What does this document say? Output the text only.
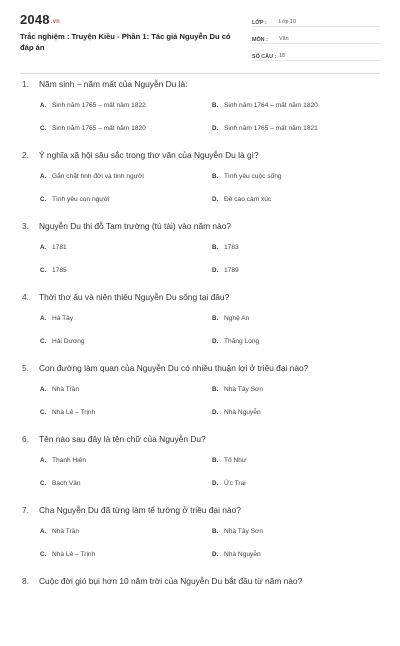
2048.vn
Trắc nghiệm : Truyện Kiều - Phần 1: Tác giả Nguyễn Du có đáp án
LỚP :	Lớp 10
MÔN :	Văn
SỐ CÂU : 18
1.	Năm sinh – năm mất của Nguyễn Du là:
A. Sinh năm 1765 – mất năm 1822	B. Sinh năm 1764 – mất năm 1820
C. Sinh năm 1765 – mất năm 1820	D. Sinh năm 1765 – mất năm 1821
2.	Ý nghĩa xã hội sâu sắc trong thơ văn của Nguyễn Du là gì?
A. Gắn chặt tình đời và tình người	B. Tình yêu cuộc sống
C. Tình yêu con người	D. Đề cao cảm xúc
3.	Nguyễn Du thi đỗ Tam trường (tú tài) vào năm nào?
A. 1781	B. 1783
C. 1785	D. 1789
4.	Thời thơ ấu và niên thiếu Nguyễn Du sống tại đâu?
A. Hà Tây	B. Nghệ An
C. Hải Dương	D. Thăng Long
5.	Con đường làm quan của Nguyễn Du có nhiều thuận lợi ở triều đại nào?
A. Nhà Trần	B. Nhà Tây Sơn
C. Nhà Lê – Trịnh	D. Nhà Nguyễn
6.	Tên nào sau đây là tên chữ của Nguyễn Du?
A. Thanh Hiên	B. Tố Như
C. Bạch Vân	D. Ức Trai
7.	Cha Nguyễn Du đã từng làm tể tướng ở triều đại nào?
A. Nhà Trần	B. Nhà Tây Sơn
C. Nhà Lê – Trịnh	D. Nhà Nguyễn
8.	Cuộc đời gió bụi hơn 10 năm trời của Nguyễn Du bắt đầu từ năm nào?
